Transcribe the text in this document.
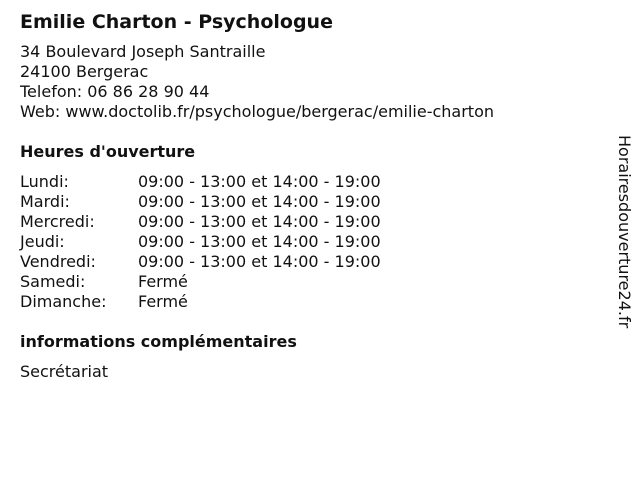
Emilie Charton - Psychologue
34 Boulevard Joseph Santraille
24100 Bergerac
Telefon: 06 86 28 90 44
Web: www.doctolib.fr/psychologue/bergerac/emilie-charton
Heures d'ouverture
Lundi:	09:00 - 13:00 et 14:00 - 19:00
Mardi:	09:00 - 13:00 et 14:00 - 19:00
Mercredi:	09:00 - 13:00 et 14:00 - 19:00
Jeudi:	09:00 - 13:00 et 14:00 - 19:00
Vendredi:	09:00 - 13:00 et 14:00 - 19:00
Samedi:	Fermé
Dimanche:	Fermé
informations complémentaires
Secrétariat
Horairesdouverture24.fr
